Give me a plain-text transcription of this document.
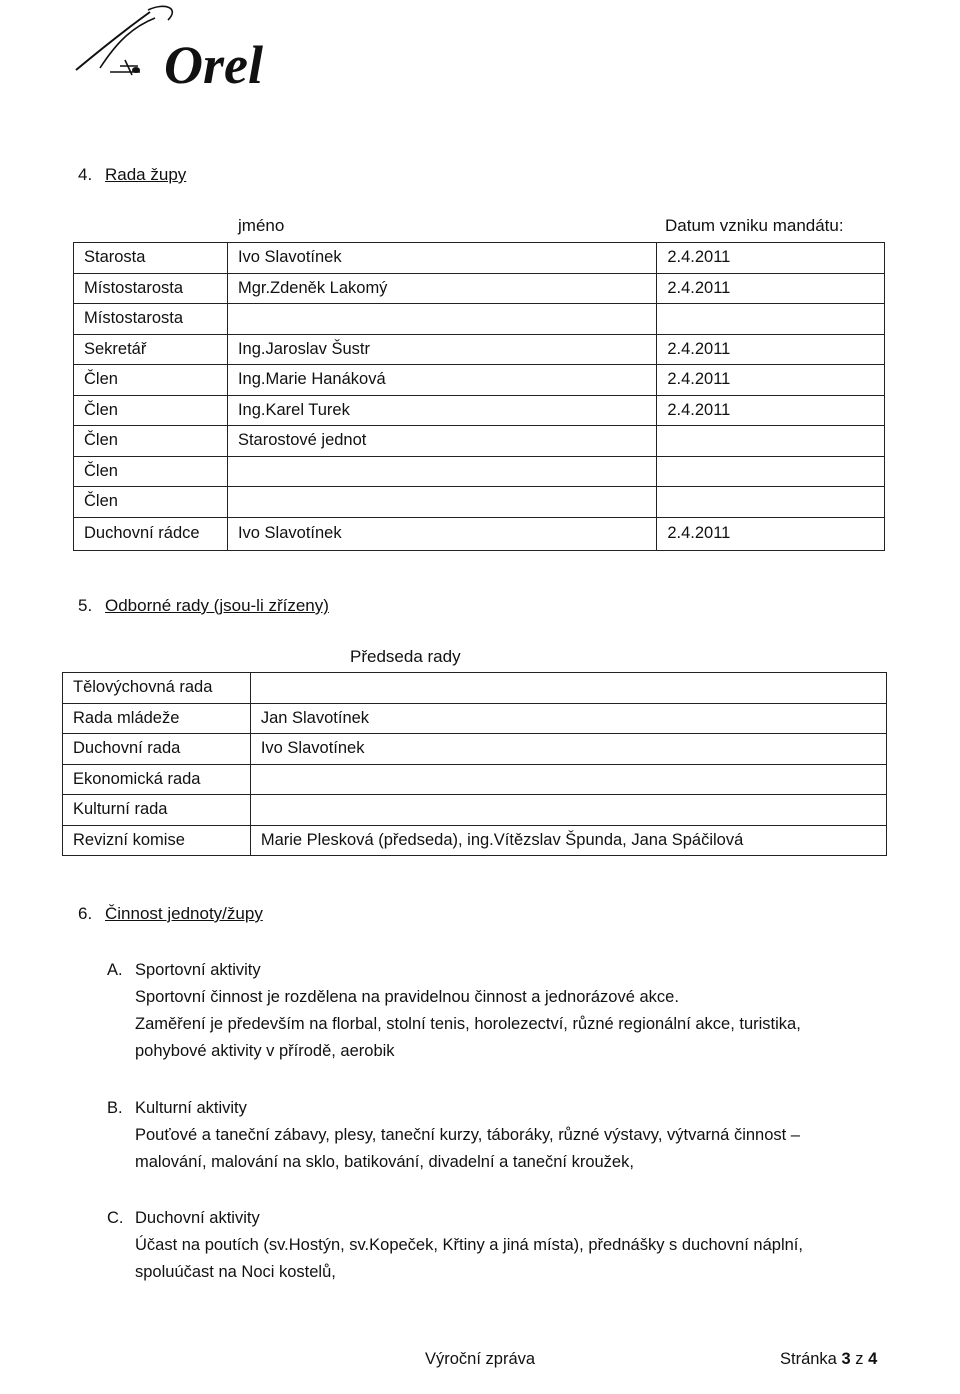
Orel
4. Rada župy
jméno	Datum vzniku mandátu:
Starosta	Ivo Slavotínek	2.4.2011
Místostarosta	Mgr.Zdeněk Lakomý	2.4.2011
Místostarosta		
Sekretář	Ing.Jaroslav Šustr	2.4.2011
Člen	Ing.Marie Hanáková	2.4.2011
Člen	Ing.Karel Turek	2.4.2011
Člen	Starostové jednot	
Člen		
Člen		
Duchovní rádce	Ivo Slavotínek	2.4.2011
5. Odborné rady (jsou-li zřízeny)
Předseda rady
Tělovýchovná rada	
Rada mládeže	Jan Slavotínek
Duchovní rada	Ivo Slavotínek
Ekonomická rada	
Kulturní rada	
Revizní komise	Marie Plesková (předseda), ing.Vítězslav Špunda, Jana Spáčilová
6. Činnost jednoty/župy
A. Sportovní aktivity
Sportovní činnost je rozdělena na pravidelnou činnost a jednorázové akce.
Zaměření je především na florbal, stolní tenis, horolezectví, různé regionální akce, turistika,
pohybové aktivity v přírodě, aerobik
B. Kulturní aktivity
Pouťové a taneční zábavy, plesy, taneční kurzy, táboráky, různé výstavy, výtvarná činnost –
malování, malování na sklo, batikování, divadelní a taneční kroužek,
C. Duchovní aktivity
Účast na poutích (sv.Hostýn, sv.Kopeček, Křtiny a jiná místa), přednášky s duchovní náplní,
spoluúčast na Noci kostelů,
Výroční zpráva	Stránka 3 z 4
